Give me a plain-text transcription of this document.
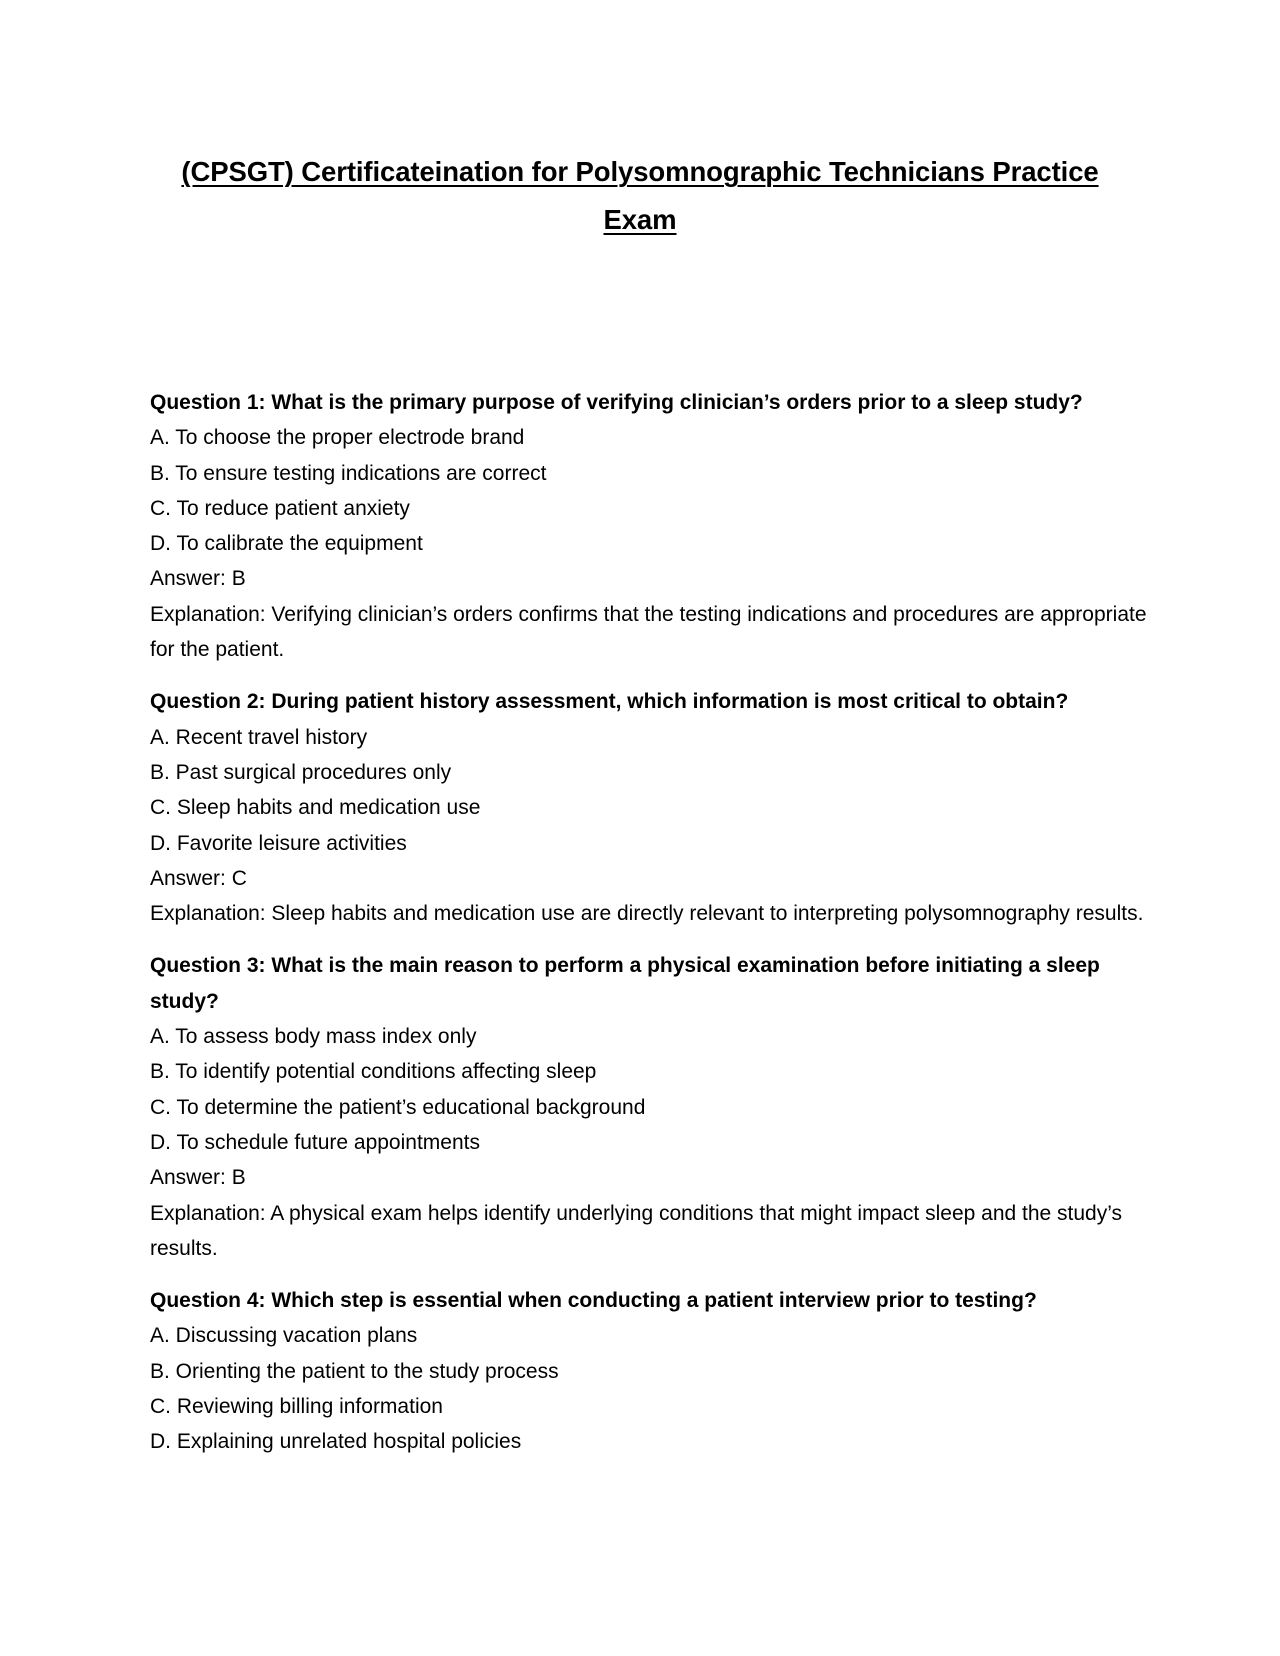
(CPSGT) Certificateination for Polysomnographic Technicians Practice
Exam

Question 1: What is the primary purpose of verifying clinician’s orders prior to a sleep study?

A. To choose the proper electrode brand

B. To ensure testing indications are correct

C. To reduce patient anxiety

D. To calibrate the equipment

Answer: B

Explanation: Verifying clinician’s orders confirms that the testing indications and procedures are appropriate for the patient.

Question 2: During patient history assessment, which information is most critical to obtain?

A. Recent travel history

B. Past surgical procedures only

C. Sleep habits and medication use

D. Favorite leisure activities

Answer: C

Explanation: Sleep habits and medication use are directly relevant to interpreting polysomnography results.

Question 3: What is the main reason to perform a physical examination before initiating a sleep study?

A. To assess body mass index only

B. To identify potential conditions affecting sleep

C. To determine the patient’s educational background

D. To schedule future appointments

Answer: B

Explanation: A physical exam helps identify underlying conditions that might impact sleep and the study’s results.

Question 4: Which step is essential when conducting a patient interview prior to testing?

A. Discussing vacation plans

B. Orienting the patient to the study process

C. Reviewing billing information

D. Explaining unrelated hospital policies
